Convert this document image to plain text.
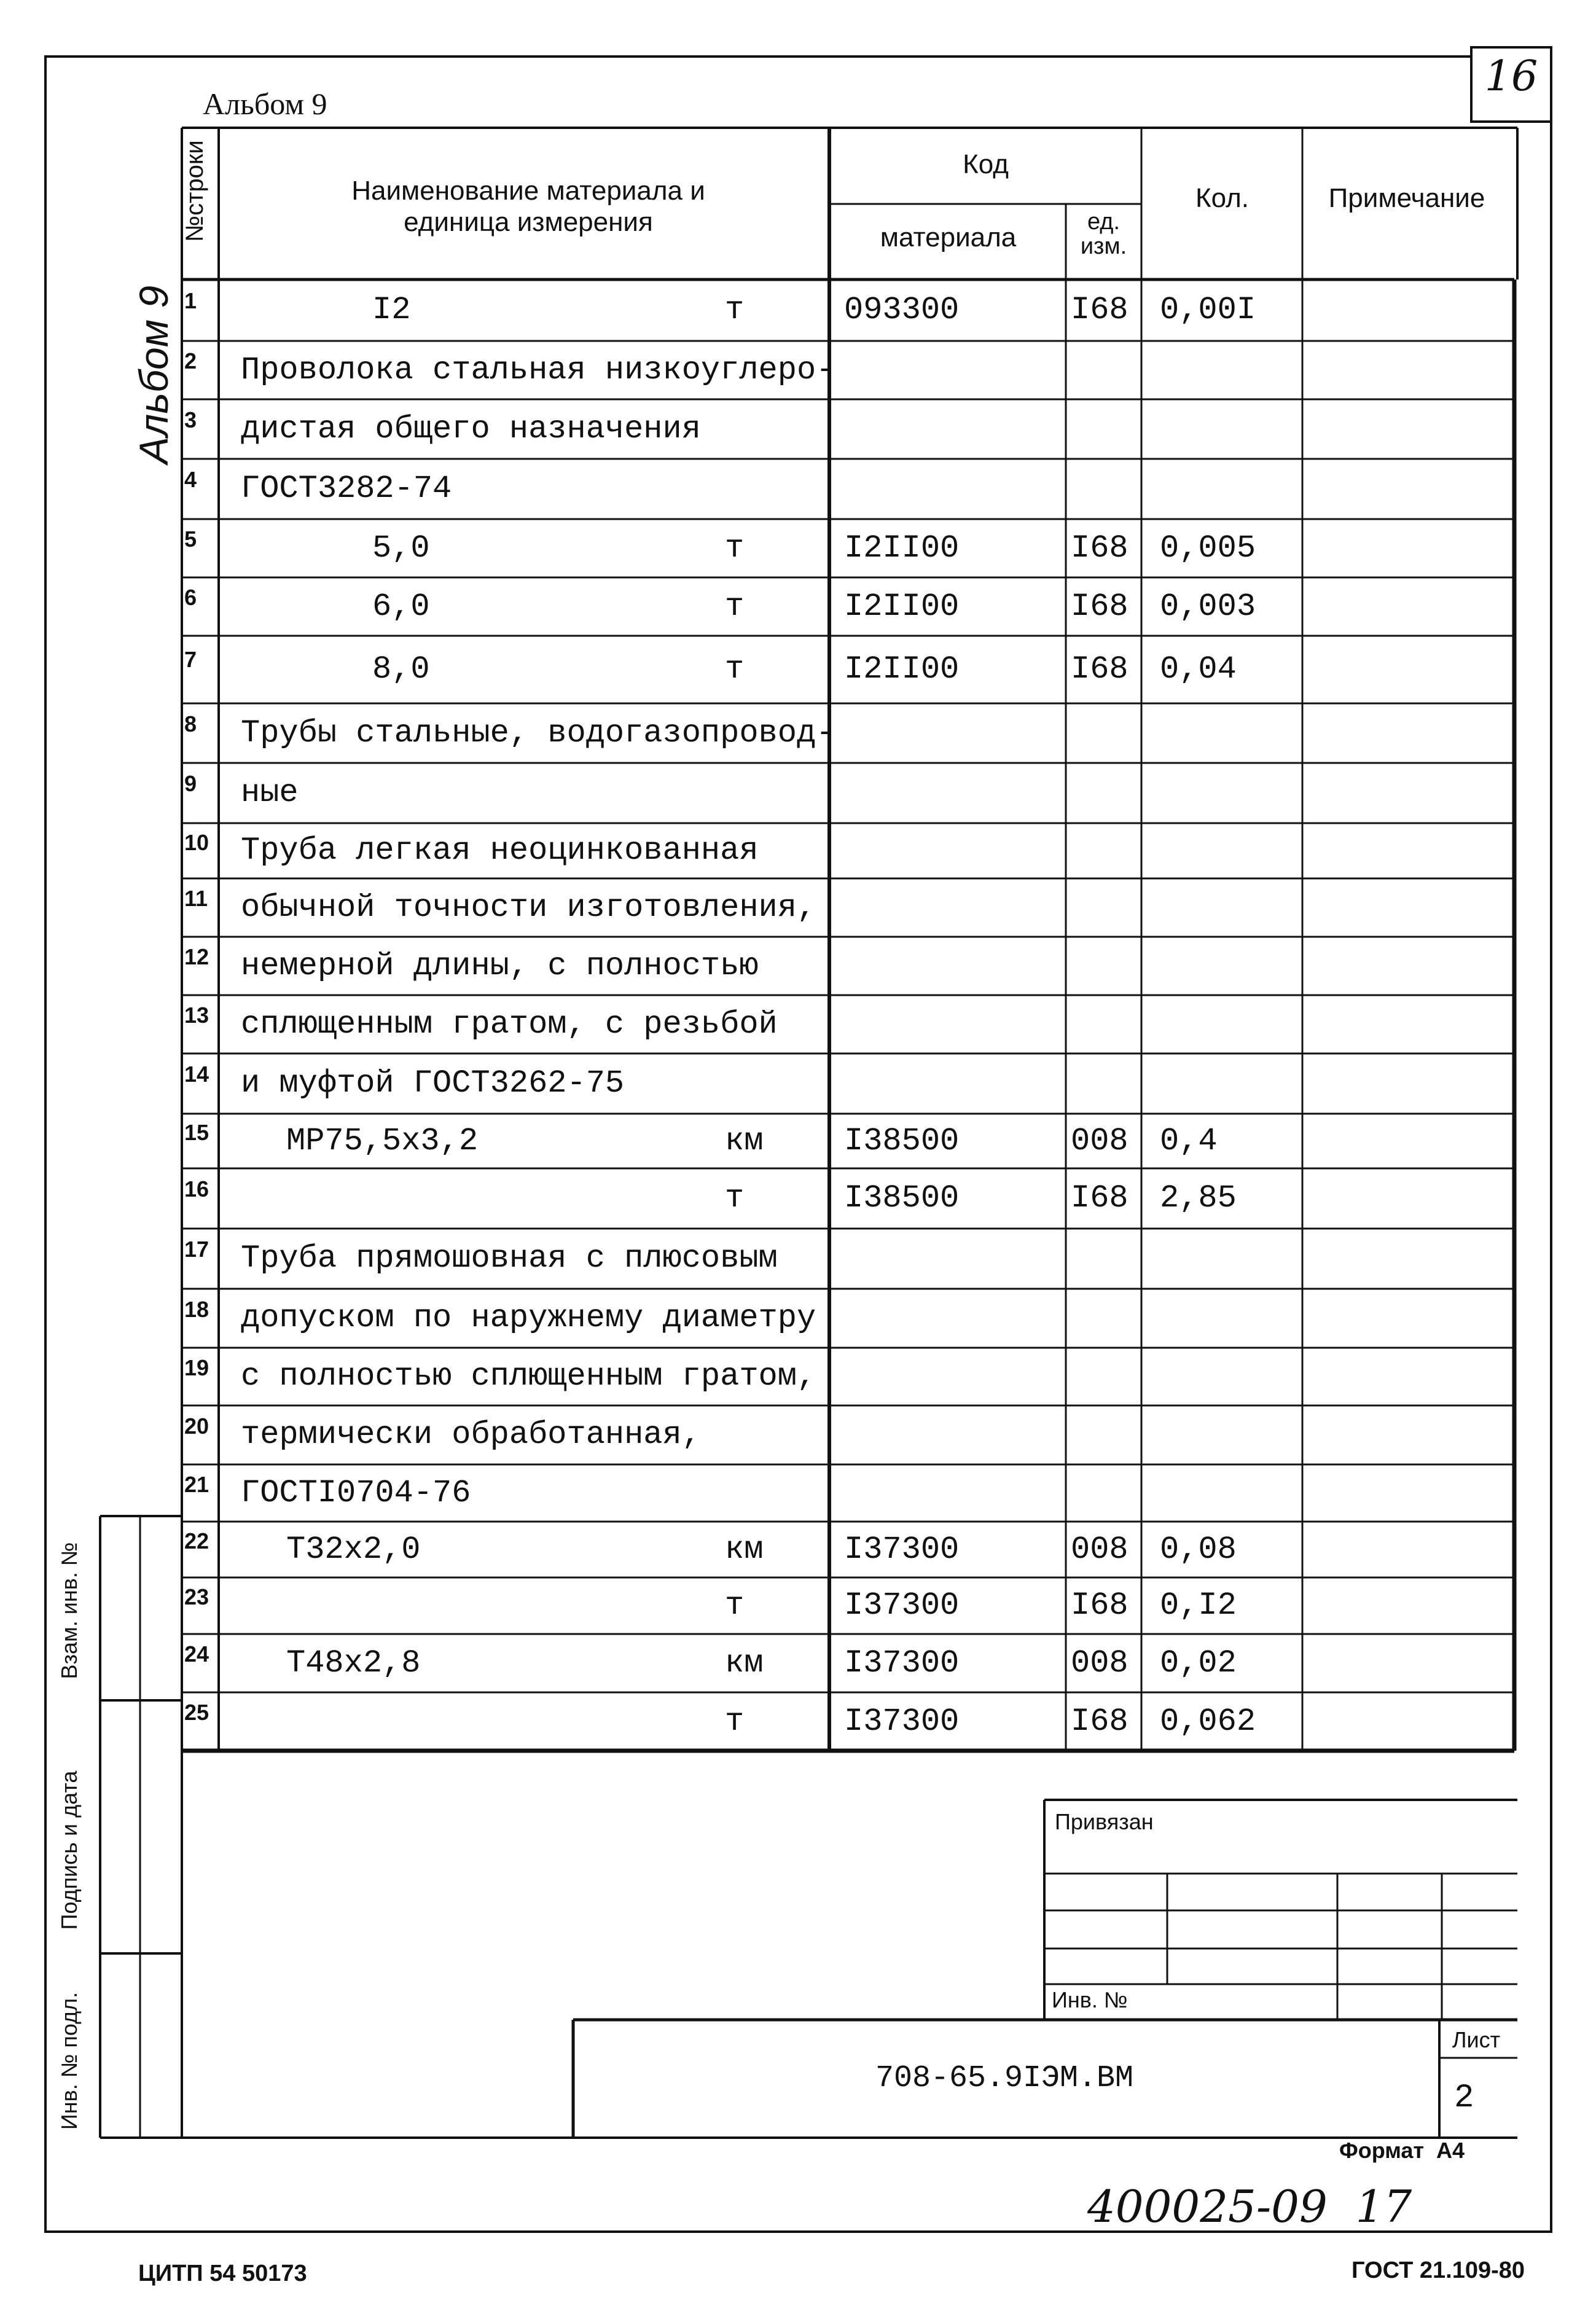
16
Альбом 9
Альбом 9
№строки	Наименование материала и единица измерения
Код
материала
ед. изм.
Кол.	Примечание
1	I2	т	093300	I68 0,00I
2	Проволока стальная низкоуглеро-
3	дистая общего назначения
4	ГОСТ3282-74
5	5,0	т	I2II00	I68 0,005
6	6,0	т	I2II00	I68 0,003
7	8,0	т	I2II00	I68 0,04
8	Трубы стальные, водогазопровод-
9	ные
10 Труба легкая неоцинкованная
11	обычной точности изготовления,
12 немерной длины, с полностью
13 сплющенным гратом, с резьбой
14 и муфтой ГОСТ3262-75
15 МР75,5х3,2	км	I38500	008 0,4
16	т	I38500	I68 2,85
17 Труба прямошовная с плюсовым
18 допуском по наружнему диаметру
19 с полностью сплющенным гратом,
20 термически обработанная,
21 ГОСТI0704-76
22 Т32х2,0	км	I37300	008 0,08
23	т	I37300	I68 0,I2
24 Т48х2,8	км	I37300	008 0,02
25	т	I37300	I68 0,062
Взам. инв. №
Подпись и дата
Инв. № подл.
Привязан
Инв. №
708-65.9IЭМ.ВМ
Лист
2
Формат  А4
400025-09  17
ЦИТП 54 50173	ГОСТ 21.109-80
